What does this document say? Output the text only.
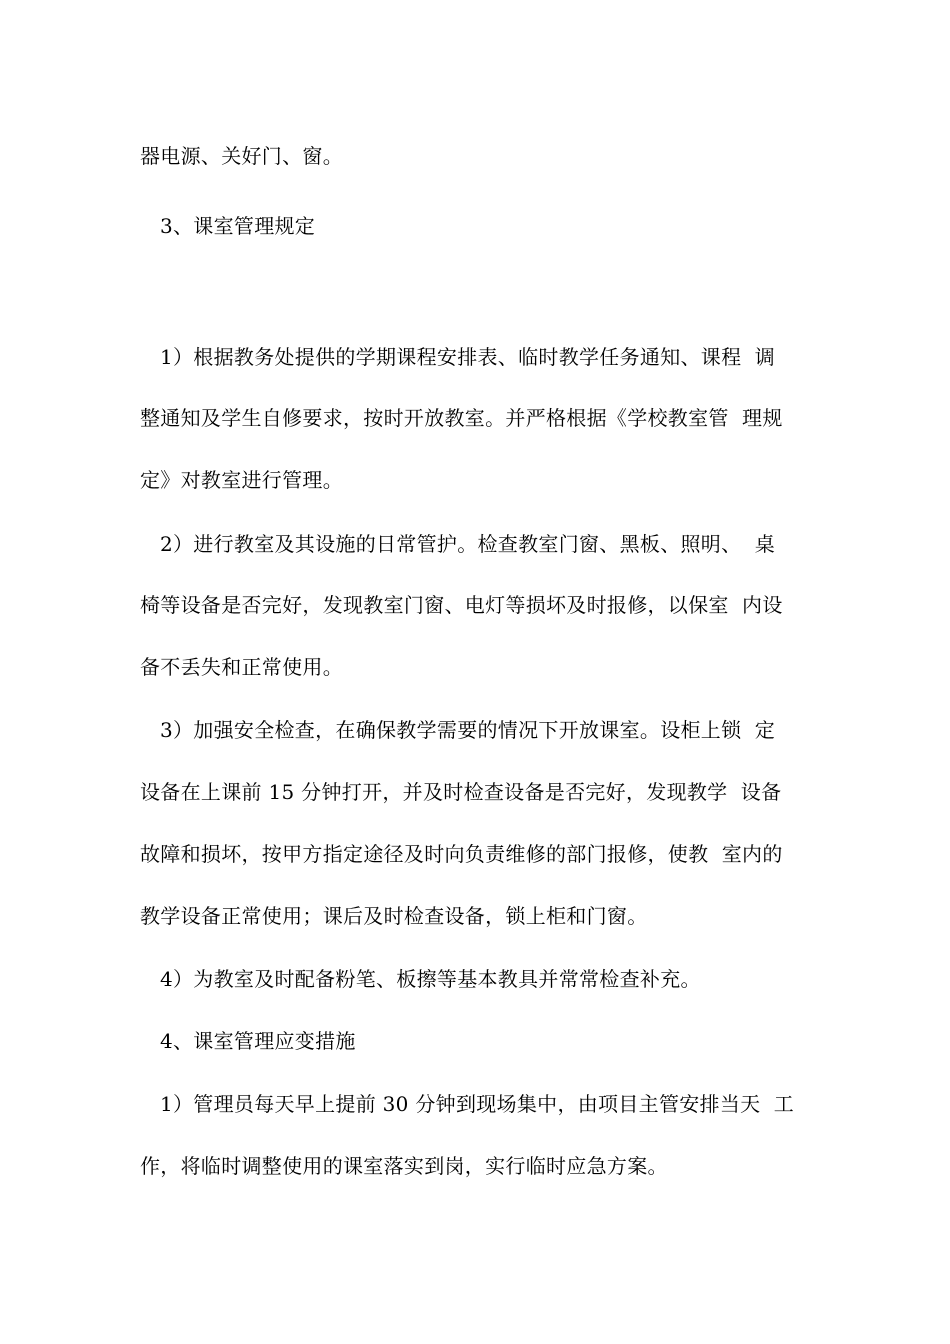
器电源、关好门、窗。
3、课室管理规定
1）根据教务处提供的学期课程安排表、临时教学任务通知、课程  调
整通知及学生自修要求，按时开放教室。并严格根据《学校教室管  理规
定》对教室进行管理。
2）进行教室及其设施的日常管护。检查教室门窗、黑板、照明、  桌
椅等设备是否完好，发现教室门窗、电灯等损坏及时报修，以保室  内设
备不丢失和正常使用。
3）加强安全检查，在确保教学需要的情况下开放课室。设柜上锁  定
设备在上课前 15 分钟打开，并及时检查设备是否完好，发现教学  设备
故障和损坏，按甲方指定途径及时向负责维修的部门报修，使教  室内的
教学设备正常使用；课后及时检查设备，锁上柜和门窗。
4）为教室及时配备粉笔、板擦等基本教具并常常检查补充。
4、课室管理应变措施
1）管理员每天早上提前 30 分钟到现场集中，由项目主管安排当天  工
作，将临时调整使用的课室落实到岗，实行临时应急方案。
